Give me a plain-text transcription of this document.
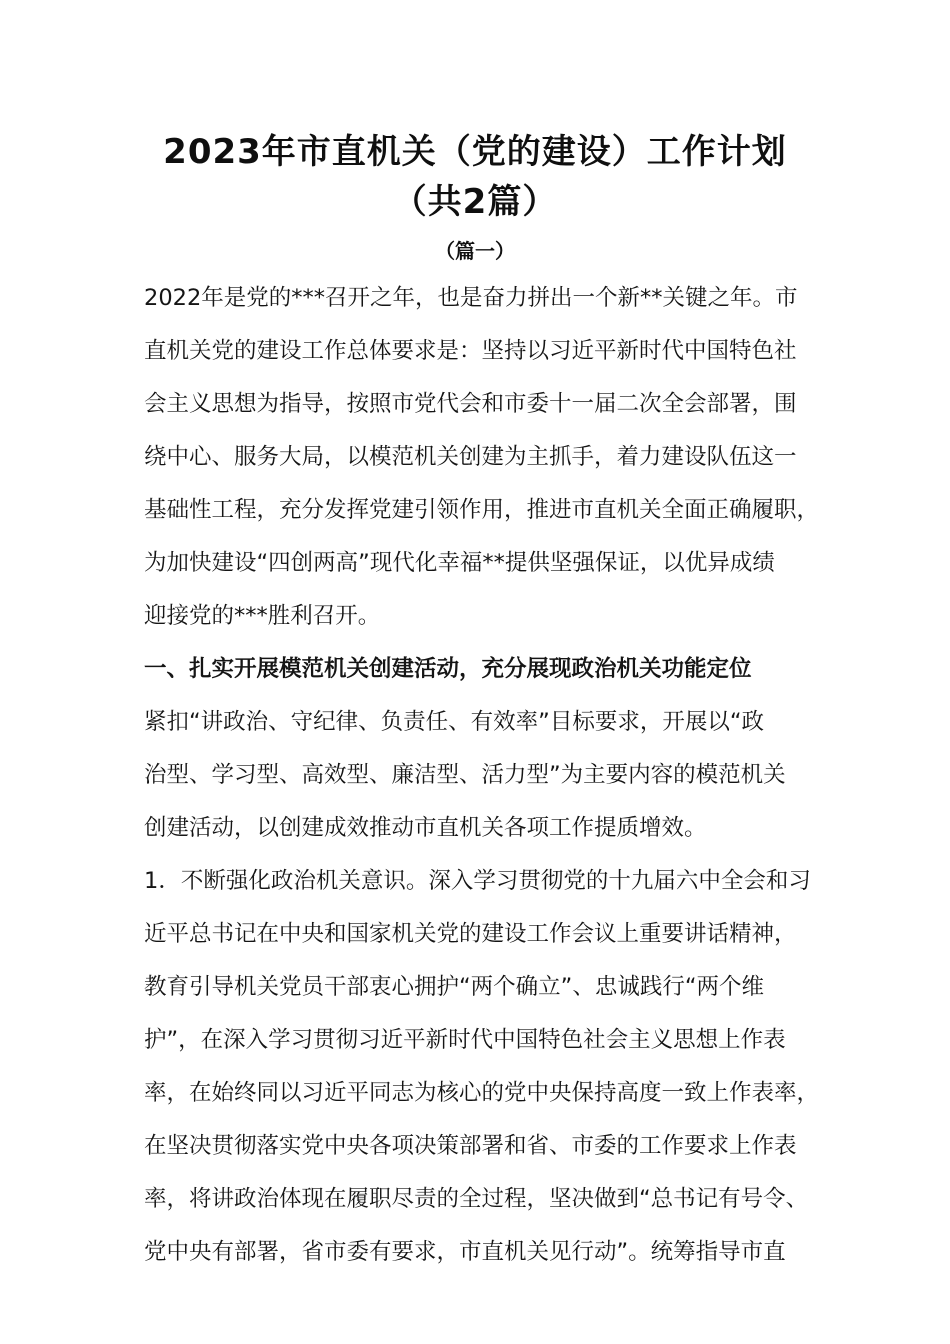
2023年市直机关（党的建设）工作计划
（共2篇）
（篇一）
2022年是党的***召开之年，也是奋力拼出一个新**关键之年。市
直机关党的建设工作总体要求是：坚持以习近平新时代中国特色社
会主义思想为指导，按照市党代会和市委十一届二次全会部署，围
绕中心、服务大局，以模范机关创建为主抓手，着力建设队伍这一
基础性工程，充分发挥党建引领作用，推进市直机关全面正确履职，
为加快建设“四创两高”现代化幸福**提供坚强保证，以优异成绩
迎接党的***胜利召开。
一、扎实开展模范机关创建活动，充分展现政治机关功能定位
紧扣“讲政治、守纪律、负责任、有效率”目标要求，开展以“政
治型、学习型、高效型、廉洁型、活力型”为主要内容的模范机关
创建活动，以创建成效推动市直机关各项工作提质增效。
1．不断强化政治机关意识。深入学习贯彻党的十九届六中全会和习
近平总书记在中央和国家机关党的建设工作会议上重要讲话精神，
教育引导机关党员干部衷心拥护“两个确立”、忠诚践行“两个维
护”，在深入学习贯彻习近平新时代中国特色社会主义思想上作表
率，在始终同以习近平同志为核心的党中央保持高度一致上作表率，
在坚决贯彻落实党中央各项决策部署和省、市委的工作要求上作表
率，将讲政治体现在履职尽责的全过程，坚决做到“总书记有号令、
党中央有部署，省市委有要求，市直机关见行动”。统筹指导市直
